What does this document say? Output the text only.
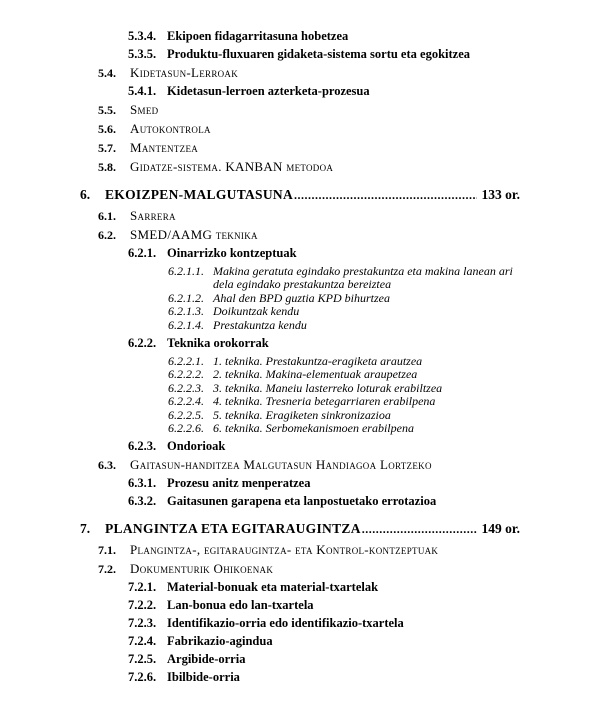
5.3.4. Ekipoen fidagarritasuna hobetzea
5.3.5. Produktu-fluxuaren gidaketa-sistema sortu eta egokitzea
5.4.	Kidetasun-Lerroak
5.4.1. Kidetasun-lerroen azterketa-prozesua
5.5.	Smed
5.6.	Autokontrola
5.7.	Mantentzea
5.8.	Gidatze-sistema. KANBAN metodoa
6.	EKOIZPEN-MALGUTASUNA .....	133 or.
6.1.	Sarrera
6.2.	SMED/AAMG teknika
6.2.1. Oinarrizko kontzeptuak
6.2.1.1. Makina geratuta egindako prestakuntza eta makina lanean ari dela egindako prestakuntza bereiztea
6.2.1.2. Ahal den BPD guztia KPD bihurtzea
6.2.1.3. Doikuntzak kendu
6.2.1.4. Prestakuntza kendu
6.2.2. Teknika orokorrak
6.2.2.1. 1. teknika. Prestakuntza-eragiketa arautzea
6.2.2.2. 2. teknika. Makina-elementuak araupetzea
6.2.2.3. 3. teknika. Maneiu lasterreko loturak erabiltzea
6.2.2.4. 4. teknika. Tresneria betegarriaren erabilpena
6.2.2.5. 5. teknika. Eragiketen sinkronizazioa
6.2.2.6. 6. teknika. Serbomekanismoen erabilpena
6.2.3. Ondorioak
6.3.	Gaitasun-handitzea Malgutasun Handiagoa Lortzeko
6.3.1. Prozesu anitz menperatzea
6.3.2. Gaitasunen garapena eta lanpostuetako errotazioa
7.	PLANGINTZA ETA EGITARAUGINTZA .....	149 or.
7.1.	Plangintza-, egitaraugintza- eta Kontrol-kontzeptuak
7.2.	Dokumenturik Ohikoenak
7.2.1. Material-bonuak eta material-txartelak
7.2.2. Lan-bonua edo lan-txartela
7.2.3. Identifikazio-orria edo identifikazio-txartela
7.2.4. Fabrikazio-agindua
7.2.5. Argibide-orria
7.2.6. Ibilbide-orria
